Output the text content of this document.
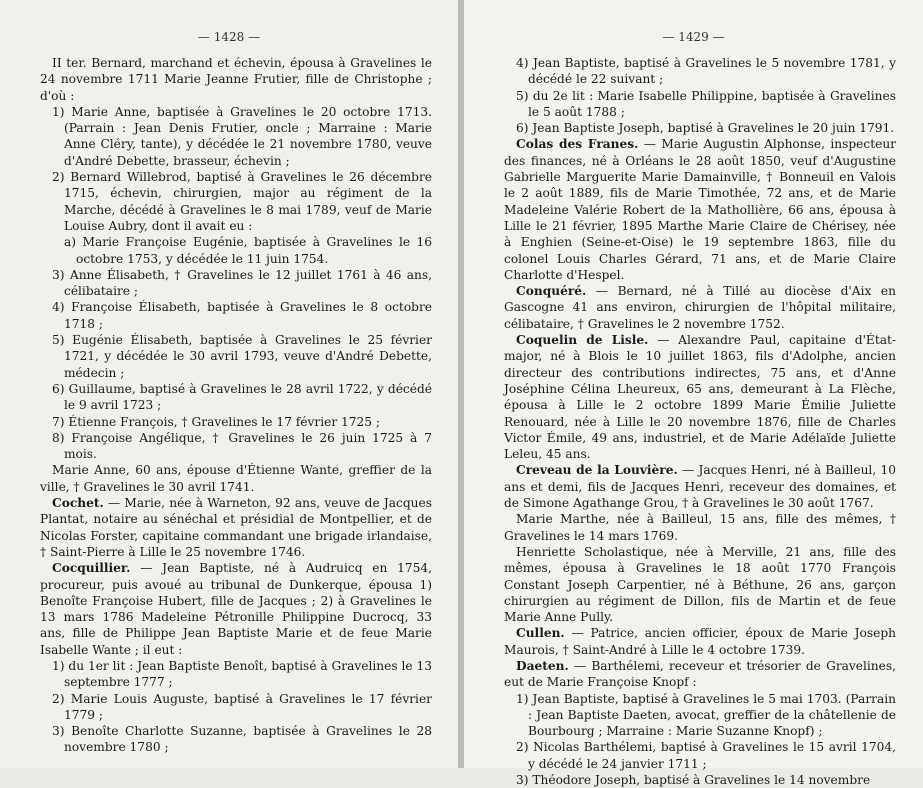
— 1428 —

II ter. Bernard, marchand et échevin, épousa à Gravelines le 24 novembre 1711 Marie Jeanne Frutier, fille de Christophe ; d'où :

1) Marie Anne, baptisée à Gravelines le 20 octobre 1713. (Parrain : Jean Denis Frutier, oncle ; Marraine : Marie Anne Cléry, tante), y décédée le 21 novembre 1780, veuve d'André Debette, brasseur, échevin ;

2) Bernard Willebrod, baptisé à Gravelines le 26 décembre 1715, échevin, chirurgien, major au régiment de la Marche, décédé à Gravelines le 8 mai 1789, veuf de Marie Louise Aubry, dont il avait eu :

a) Marie Françoise Eugénie, baptisée à Gravelines le 16 octobre 1753, y décédée le 11 juin 1754.

3) Anne Élisabeth, † Gravelines le 12 juillet 1761 à 46 ans, célibataire ;

4) Françoise Élisabeth, baptisée à Gravelines le 8 octobre 1718 ;

5) Eugénie Élisabeth, baptisée à Gravelines le 25 février 1721, y décédée le 30 avril 1793, veuve d'André Debette, médecin ;

6) Guillaume, baptisé à Gravelines le 28 avril 1722, y décédé le 9 avril 1723 ;

7) Étienne François, † Gravelines le 17 février 1725 ;

8) Françoise Angélique, † Gravelines le 26 juin 1725 à 7 mois.

Marie Anne, 60 ans, épouse d'Étienne Wante, greffier de la ville, † Gravelines le 30 avril 1741.

Cochet. — Marie, née à Warneton, 92 ans, veuve de Jacques Plantat, notaire au sénéchal et présidial de Montpellier, et de Nicolas Forster, capitaine commandant une brigade irlandaise, † Saint-Pierre à Lille le 25 novembre 1746.

Cocquillier. — Jean Baptiste, né à Audruicq en 1754, procureur, puis avoué au tribunal de Dunkerque, épousa 1) Benoîte Françoise Hubert, fille de Jacques ; 2) à Gravelines le 13 mars 1786 Madeleine Pétronille Philippine Ducrocq, 33 ans, fille de Philippe Jean Baptiste Marie et de feue Marie Isabelle Wante ; il eut :

1) du 1er lit : Jean Baptiste Benoît, baptisé à Gravelines le 13 septembre 1777 ;

2) Marie Louis Auguste, baptisé à Gravelines le 17 février 1779 ;

3) Benoîte Charlotte Suzanne, baptisée à Gravelines le 28 novembre 1780 ;

— 1429 —

4) Jean Baptiste, baptisé à Gravelines le 5 novembre 1781, y décédé le 22 suivant ;

5) du 2e lit : Marie Isabelle Philippine, baptisée à Gravelines le 5 août 1788 ;

6) Jean Baptiste Joseph, baptisé à Gravelines le 20 juin 1791.

Colas des Franes. — Marie Augustin Alphonse, inspecteur des finances, né à Orléans le 28 août 1850, veuf d'Augustine Gabrielle Marguerite Marie Damainville, † Bonneuil en Valois le 2 août 1889, fils de Marie Timothée, 72 ans, et de Marie Madeleine Valérie Robert de la Mathollière, 66 ans, épousa à Lille le 21 février, 1895 Marthe Marie Claire de Chérisey, née à Enghien (Seine-et-Oise) le 19 septembre 1863, fille du colonel Louis Charles Gérard, 71 ans, et de Marie Claire Charlotte d'Hespel.

Conquéré. — Bernard, né à Tillé au diocèse d'Aix en Gascogne 41 ans environ, chirurgien de l'hôpital militaire, célibataire, † Gravelines le 2 novembre 1752.

Coquelin de Lisle. — Alexandre Paul, capitaine d'État-major, né à Blois le 10 juillet 1863, fils d'Adolphe, ancien directeur des contributions indirectes, 75 ans, et d'Anne Joséphine Célina Lheureux, 65 ans, demeurant à La Flèche, épousa à Lille le 2 octobre 1899 Marie Émilie Juliette Renouard, née à Lille le 20 novembre 1876, fille de Charles Victor Émile, 49 ans, industriel, et de Marie Adélaïde Juliette Leleu, 45 ans.

Creveau de la Louvière. — Jacques Henri, né à Bailleul, 10 ans et demi, fils de Jacques Henri, receveur des domaines, et de Simone Agathange Grou, † à Gravelines le 30 août 1767.

Marie Marthe, née à Bailleul, 15 ans, fille des mêmes, † Gravelines le 14 mars 1769.

Henriette Scholastique, née à Merville, 21 ans, fille des mêmes, épousa à Gravelines le 18 août 1770 François Constant Joseph Carpentier, né à Béthune, 26 ans, garçon chirurgien au régiment de Dillon, fils de Martin et de feue Marie Anne Pully.

Cullen. — Patrice, ancien officier, époux de Marie Joseph Maurois, † Saint-André à Lille le 4 octobre 1739.

Daeten. — Barthélemi, receveur et trésorier de Gravelines, eut de Marie Françoise Knopf :

1) Jean Baptiste, baptisé à Gravelines le 5 mai 1703. (Parrain : Jean Baptiste Daeten, avocat, greffier de la châtellenie de Bourbourg ; Marraine : Marie Suzanne Knopf) ;

2) Nicolas Barthélemi, baptisé à Gravelines le 15 avril 1704, y décédé le 24 janvier 1711 ;

3) Théodore Joseph, baptisé à Gravelines le 14 novembre
